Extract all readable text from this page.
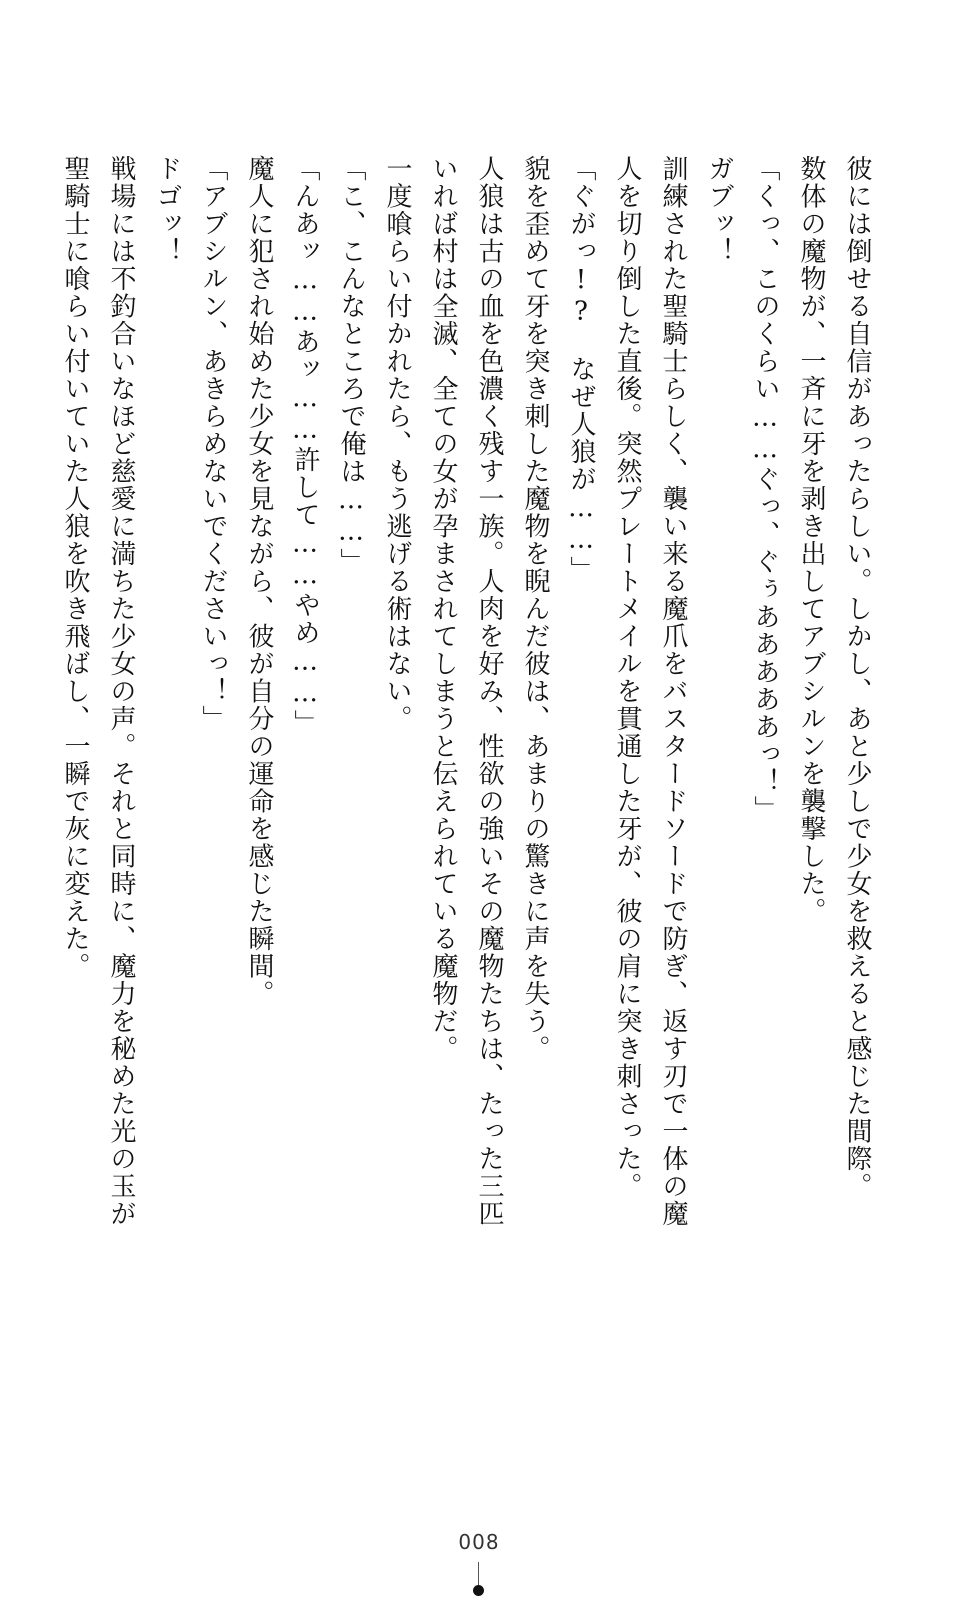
彼には倒せる自信があったらしい。しかし、あと少しで少女を救えると感じた間際。
数体の魔物が、一斉に牙を剥き出してアブシルンを襲撃した。
「くっ、このくらい……ぐっ、ぐぅあああああっ！」
ガブッ！
訓練された聖騎士らしく、襲い来る魔爪をバスタードソードで防ぎ、返す刃で一体の魔
人を切り倒した直後。突然プレートメイルを貫通した牙が、彼の肩に突き刺さった。
「ぐがっ!?　なぜ人狼が……」
貌を歪めて牙を突き刺した魔物を睨んだ彼は、あまりの驚きに声を失う。
人狼は古の血を色濃く残す一族。人肉を好み、性欲の強いその魔物たちは、たった三匹
いれば村は全滅、全ての女が孕まされてしまうと伝えられている魔物だ。
一度喰らい付かれたら、もう逃げる術はない。
「こ、こんなところで俺は……」
「んあッ……あッ……許して……やめ……」
魔人に犯され始めた少女を見ながら、彼が自分の運命を感じた瞬間。
「アブシルン、あきらめないでくださいっ！」
ドゴッ！
戦場には不釣合いなほど慈愛に満ちた少女の声。それと同時に、魔力を秘めた光の玉が
聖騎士に喰らい付いていた人狼を吹き飛ばし、一瞬で灰に変えた。
008
